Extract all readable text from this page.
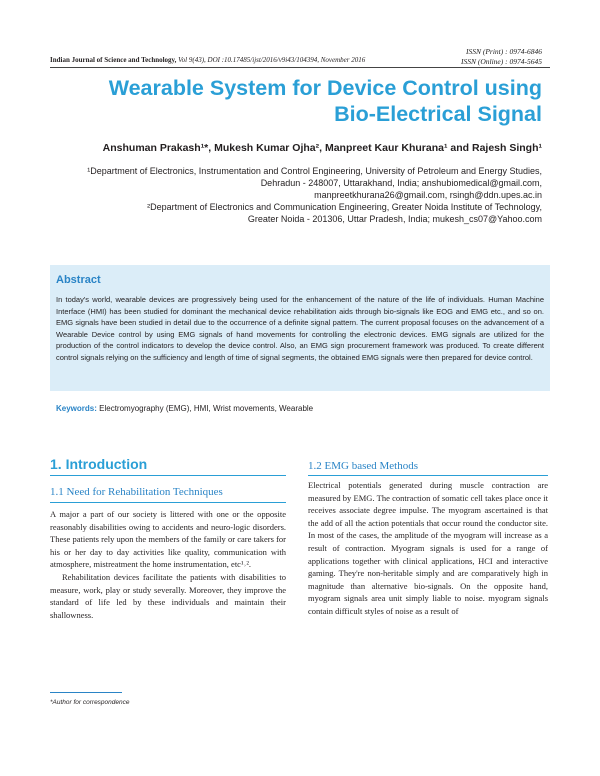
ISSN (Print) : 0974-6846
ISSN (Online) : 0974-5645
Indian Journal of Science and Technology, Vol 9(43), DOI :10.17485/ijst/2016/v9i43/104394, November 2016
Wearable System for Device Control using
Bio-Electrical Signal
Anshuman Prakash¹*, Mukesh Kumar Ojha², Manpreet Kaur Khurana¹ and Rajesh Singh¹
¹Department of Electronics, Instrumentation and Control Engineering, University of Petroleum and Energy Studies,
Dehradun - 248007, Uttarakhand, India; anshubiomedical@gmail.com,
manpreetkhurana26@gmail.com, rsingh@ddn.upes.ac.in
²Department of Electronics and Communication Engineering, Greater Noida Institute of Technology,
Greater Noida - 201306, Uttar Pradesh, India; mukesh_cs07@Yahoo.com
Abstract
In today's world, wearable devices are progressively being used for the enhancement of the nature of the life of individuals. Human Machine Interface (HMI) has been studied for dominant the mechanical device rehabilitation aids through bio-signals like EOG and EMG etc., and so on. EMG signals have been studied in detail due to the occurrence of a definite signal pattern. The current proposal focuses on the advancement of a Wearable Device control by using EMG signals of hand movements for controlling the electronic devices. EMG signals are utilized for the production of the control indicators to develop the device control. Also, an EMG sign procurement framework was produced. To create different control signals relying on the sufficiency and length of time of signal segments, the obtained EMG signals were then prepared for device control.
Keywords: Electromyography (EMG), HMI, Wrist movements, Wearable
1. Introduction
1.1 Need for Rehabilitation Techniques

A major a part of our society is littered with one or the opposite reasonably disabilities owing to accidents and neuro-logic disorders. These patients rely upon the members of the family or care takers for his or her day to day activities like quality, communication with atmosphere, mistreatment the home instrumentation, etc¹˒².

Rehabilitation devices facilitate the patients with disabilities to measure, work, play or study severally. Moreover, they improve the standard of life led by these individuals and maintain their shallowness.

1.2 EMG based Methods

Electrical potentials generated during muscle contraction are measured by EMG. The contraction of somatic cell takes place once it receives associate degree impulse. The myogram ascertained is that the add of all the action potentials that occur round the conductor site. In most of the cases, the amplitude of the myogram will increase as a result of contraction. Myogram signals is used for a range of applications together with clinical applications, HCI and interactive gaming. They're non-heritable simply and are comparatively high in magnitude than alternative bio-signals. On the opposite hand, myogram signals area unit simply liable to noise. myogram signals contain difficult styles of noise as a result of

*Author for correspondence
